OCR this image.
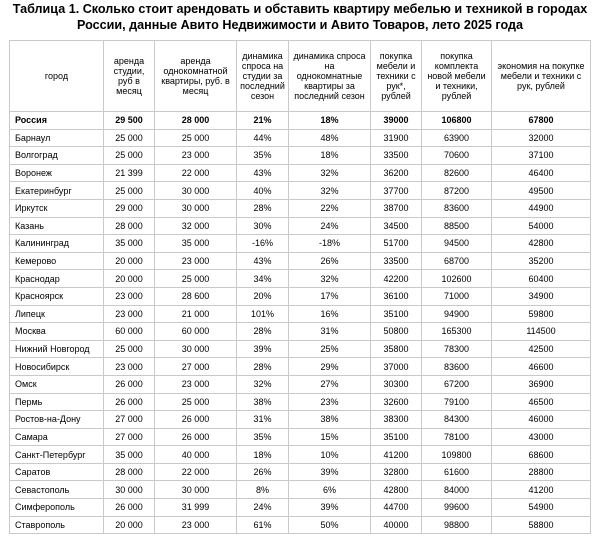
Таблица 1. Сколько стоит арендовать и обставить квартиру мебелью и техникой в городах
России, данные Авито Недвижимости и Авито Товаров, лето 2025 года
город	аренда студии, руб в месяц	аренда однокомнатной квартиры, руб. в месяц	динамика спроса на студии за последний сезон	динамика спроса на однокомнатные квартиры за последний сезон	покупка мебели и техники с рук*, рублей	покупка комплекта новой мебели и техники, рублей	экономия на покупке мебели и техники с рук, рублей
Россия	29 500	28 000	21%	18%	39000	106800	67800
Барнаул	25 000	25 000	44%	48%	31900	63900	32000
Волгоград	25 000	23 000	35%	18%	33500	70600	37100
Воронеж	21 399	22 000	43%	32%	36200	82600	46400
Екатеринбург	25 000	30 000	40%	32%	37700	87200	49500
Иркутск	29 000	30 000	28%	22%	38700	83600	44900
Казань	28 000	32 000	30%	24%	34500	88500	54000
Калининград	35 000	35 000	-16%	-18%	51700	94500	42800
Кемерово	20 000	23 000	43%	26%	33500	68700	35200
Краснодар	20 000	25 000	34%	32%	42200	102600	60400
Красноярск	23 000	28 600	20%	17%	36100	71000	34900
Липецк	23 000	21 000	101%	16%	35100	94900	59800
Москва	60 000	60 000	28%	31%	50800	165300	114500
Нижний Новгород	25 000	30 000	39%	25%	35800	78300	42500
Новосибирск	23 000	27 000	28%	29%	37000	83600	46600
Омск	26 000	23 000	32%	27%	30300	67200	36900
Пермь	26 000	25 000	38%	23%	32600	79100	46500
Ростов-на-Дону	27 000	26 000	31%	38%	38300	84300	46000
Самара	27 000	26 000	35%	15%	35100	78100	43000
Санкт-Петербург	35 000	40 000	18%	10%	41200	109800	68600
Саратов	28 000	22 000	26%	39%	32800	61600	28800
Севастополь	30 000	30 000	8%	6%	42800	84000	41200
Симферополь	26 000	31 999	24%	39%	44700	99600	54900
Ставрополь	20 000	23 000	61%	50%	40000	98800	58800
